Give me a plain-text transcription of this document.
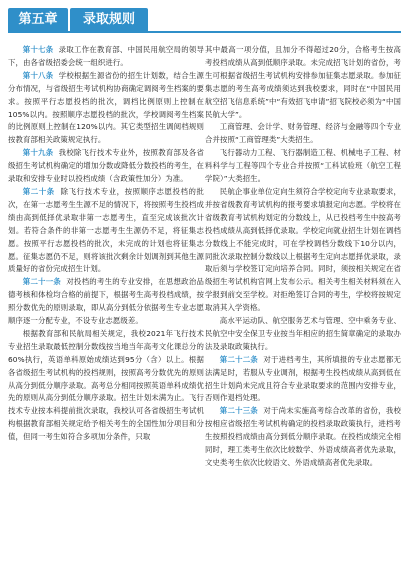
第五章	录取规则

第十七条 录取工作在教育部、中国民用航空局的领导下，由各省级招委会统一组织进行。

第十八条 学校根据生源省份的招生计划数，结合生源分布情况，与省级招生考试机构协商确定调阅考生档案的要求。按照平行志愿投档的批次，调档比例原则上控制在105%以内。按照顺序志愿投档的批次，学校调阅考生档案的比例原则上控制在120%以内。其它类型招生调阅档规则按教育部相关政策规定执行。

第十九条 我校除飞行技术专业外，按照教育部及各省级招生考试机构确定的增加分数或降低分数投档的考生，在录取和安排专业时以投档成绩（含政策性加分）为准。

第二十条 除飞行技术专业，按照顺序志愿投档的批次，在第一志愿考生生源不足的情况下，将按照考生投档成绩由高到低择优录取非第一志愿考生，直至完成该批次计划。若符合条件的非第一志愿考生生源仍不足，将征集志愿。按照平行志愿投档的批次，未完成的计划也将征集志愿。征集志愿仍不足，则将该批次剩余计划调剂到其他生源质量好的省份完成招生计划。

第二十一条 对投档的考生的专业安排，在思想政治品德考核和体检均合格的前提下，根据考生高考投档成绩，按照分数优先的原则录取，即从高分到低分依据考生专业志愿顺序逐一分配专业，不设专业志愿级差。

根据教育部和民航局相关规定，我校2021年飞行技术专业招生录取最低控制分数线按当地当年高考文化课总分的60%执行，英语单科原始成绩达到95分（含）以上。根据各省级招生考试机构的投档规则，按照高考分数优先的原则从高分到低分顺序录取。高考总分相同按照英语单科成绩优先的原则从高分到低分顺序录取。招生计划未满为止。飞行技术专业按本科提前批次录取，我校认可各省级招生考试机构根据教育部相关规定给予相关考生的全国性加分项目和分值，但同一考生如符合多项加分条件，只取

其中最高一项分值，且加分不得超过20分，合格考生按高考投档成绩从高到低顺序录取。未完成招飞计划的省份，考生可根据省级招生考试机构安排参加征集志愿录取。参加征集志愿的考生高考成绩须达到我校要求，同时在“中国民用航空招飞信息系统”中“有效招飞申请”招飞院校必须为“中国民航大学”。

工商管理、会计学、财务管理、经济与金融等四个专业合并按照“工商管理类”大类招生。

飞行器动力工程、飞行器制造工程、机械电子工程、材料科学与工程等四个专业合并按照“工科试验班（航空工程学院）”大类招生。

民航企事业单位定向生须符合学校定向专业录取要求，并按省级教育考试机构的报考要求填报定向志愿。学校将在省级教育考试机构划定的分数线上，从已投档考生中按高考投档成绩从高到低择优录取。学校定向就业招生计划在调档分数线上不能完成时，可在学校调档分数线下10分以内，同批次录取控制分数线以上根据考生定向志愿择优录取，录取后须与学校签订定向培养合同。同时，须按相关规定在省级招生考试机构官网上发布公示。相关考生相关材料须在入学报到前交至学校。对拒绝签订合同的考生，学校将按规定取消其入学资格。

高水平运动队、航空服务艺术与管理、空中乘务专业、民航空中安全保卫专业按当年相应的招生简章确定的录取办法及录取政策执行。

第二十二条 对于进档考生，其所填报的专业志愿都无法满足时，若服从专业调剂，根据考生投档成绩从高到低在招生计划尚未完成且符合专业录取要求的范围内安排专业，否则作退档处理。

第二十三条 对于尚未实施高考综合改革的省份，我校按相应省级招生考试机构确定的投档录取政策执行，进档考生按照投档成绩由高分到低分顺序录取。在投档成绩完全相同时，理工类考生依次比较数学、外语成绩高者优先录取，文史类考生依次比较语文、外语成绩高者优先录取。
